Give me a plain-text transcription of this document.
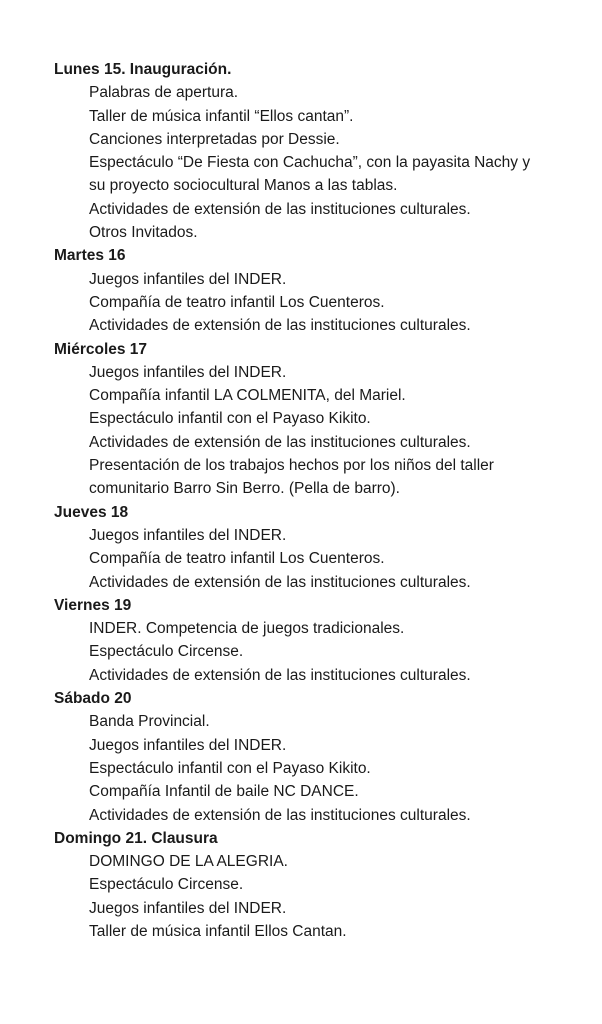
Lunes 15. Inauguración.
Palabras de apertura.
Taller de música infantil “Ellos cantan”.
Canciones interpretadas por Dessie.
Espectáculo “De Fiesta con Cachucha”, con la payasita Nachy y
su proyecto sociocultural Manos a las tablas.
Actividades de extensión de las instituciones culturales.
Otros Invitados.
Martes 16
Juegos infantiles del INDER.
Compañía de teatro infantil Los Cuenteros.
Actividades de extensión de las instituciones culturales.
Miércoles 17
Juegos infantiles del INDER.
Compañía infantil LA COLMENITA, del Mariel.
Espectáculo infantil con el Payaso Kikito.
Actividades de extensión de las instituciones culturales.
Presentación de los trabajos hechos por los niños del taller
comunitario Barro Sin Berro. (Pella de barro).
Jueves 18
Juegos infantiles del INDER.
Compañía de teatro infantil Los Cuenteros.
Actividades de extensión de las instituciones culturales.
Viernes 19
INDER. Competencia de juegos tradicionales.
Espectáculo Circense.
Actividades de extensión de las instituciones culturales.
Sábado 20
Banda Provincial.
Juegos infantiles del INDER.
Espectáculo infantil con el Payaso Kikito.
Compañía Infantil de baile NC DANCE.
Actividades de extensión de las instituciones culturales.
Domingo 21. Clausura
DOMINGO DE LA ALEGRIA.
Espectáculo Circense.
Juegos infantiles del INDER.
Taller de música infantil Ellos Cantan.
